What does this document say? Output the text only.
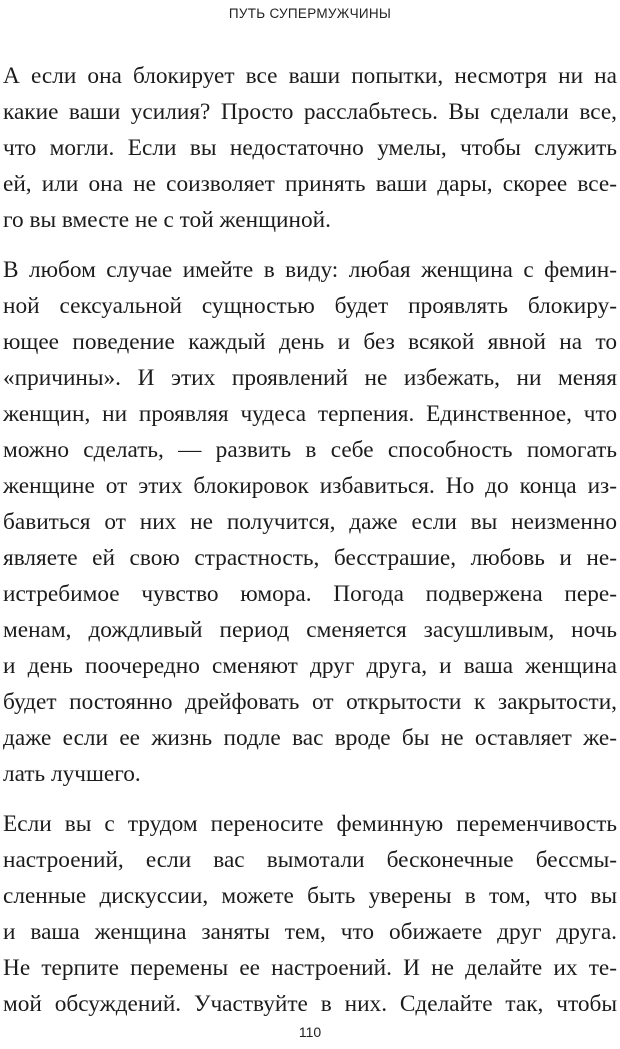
ПУТЬ СУПЕРМУЖЧИНЫ
А если она блокирует все ваши попытки, несмотря ни на
какие ваши усилия? Просто расслабьтесь. Вы сделали все,
что могли. Если вы недостаточно умелы, чтобы служить
ей, или она не соизволяет принять ваши дары, скорее все-
го вы вместе не с той женщиной.
В любом случае имейте в виду: любая женщина с фемин-
ной сексуальной сущностью будет проявлять блокиру-
ющее поведение каждый день и без всякой явной на то
«причины». И этих проявлений не избежать, ни меняя
женщин, ни проявляя чудеса терпения. Единственное, что
можно сделать, — развить в себе способность помогать
женщине от этих блокировок избавиться. Но до конца из-
бавиться от них не получится, даже если вы неизменно
являете ей свою страстность, бесстрашие, любовь и не-
истребимое чувство юмора. Погода подвержена пере-
менам, дождливый период сменяется засушливым, ночь
и день поочередно сменяют друг друга, и ваша женщина
будет постоянно дрейфовать от открытости к закрытости,
даже если ее жизнь подле вас вроде бы не оставляет же-
лать лучшего.
Если вы с трудом переносите феминную переменчивость
настроений, если вас вымотали бесконечные бессмы-
сленные дискуссии, можете быть уверены в том, что вы
и ваша женщина заняты тем, что обижаете друг друга.
Не терпите перемены ее настроений. И не делайте их те-
мой обсуждений. Участвуйте в них. Сделайте так, чтобы
110
